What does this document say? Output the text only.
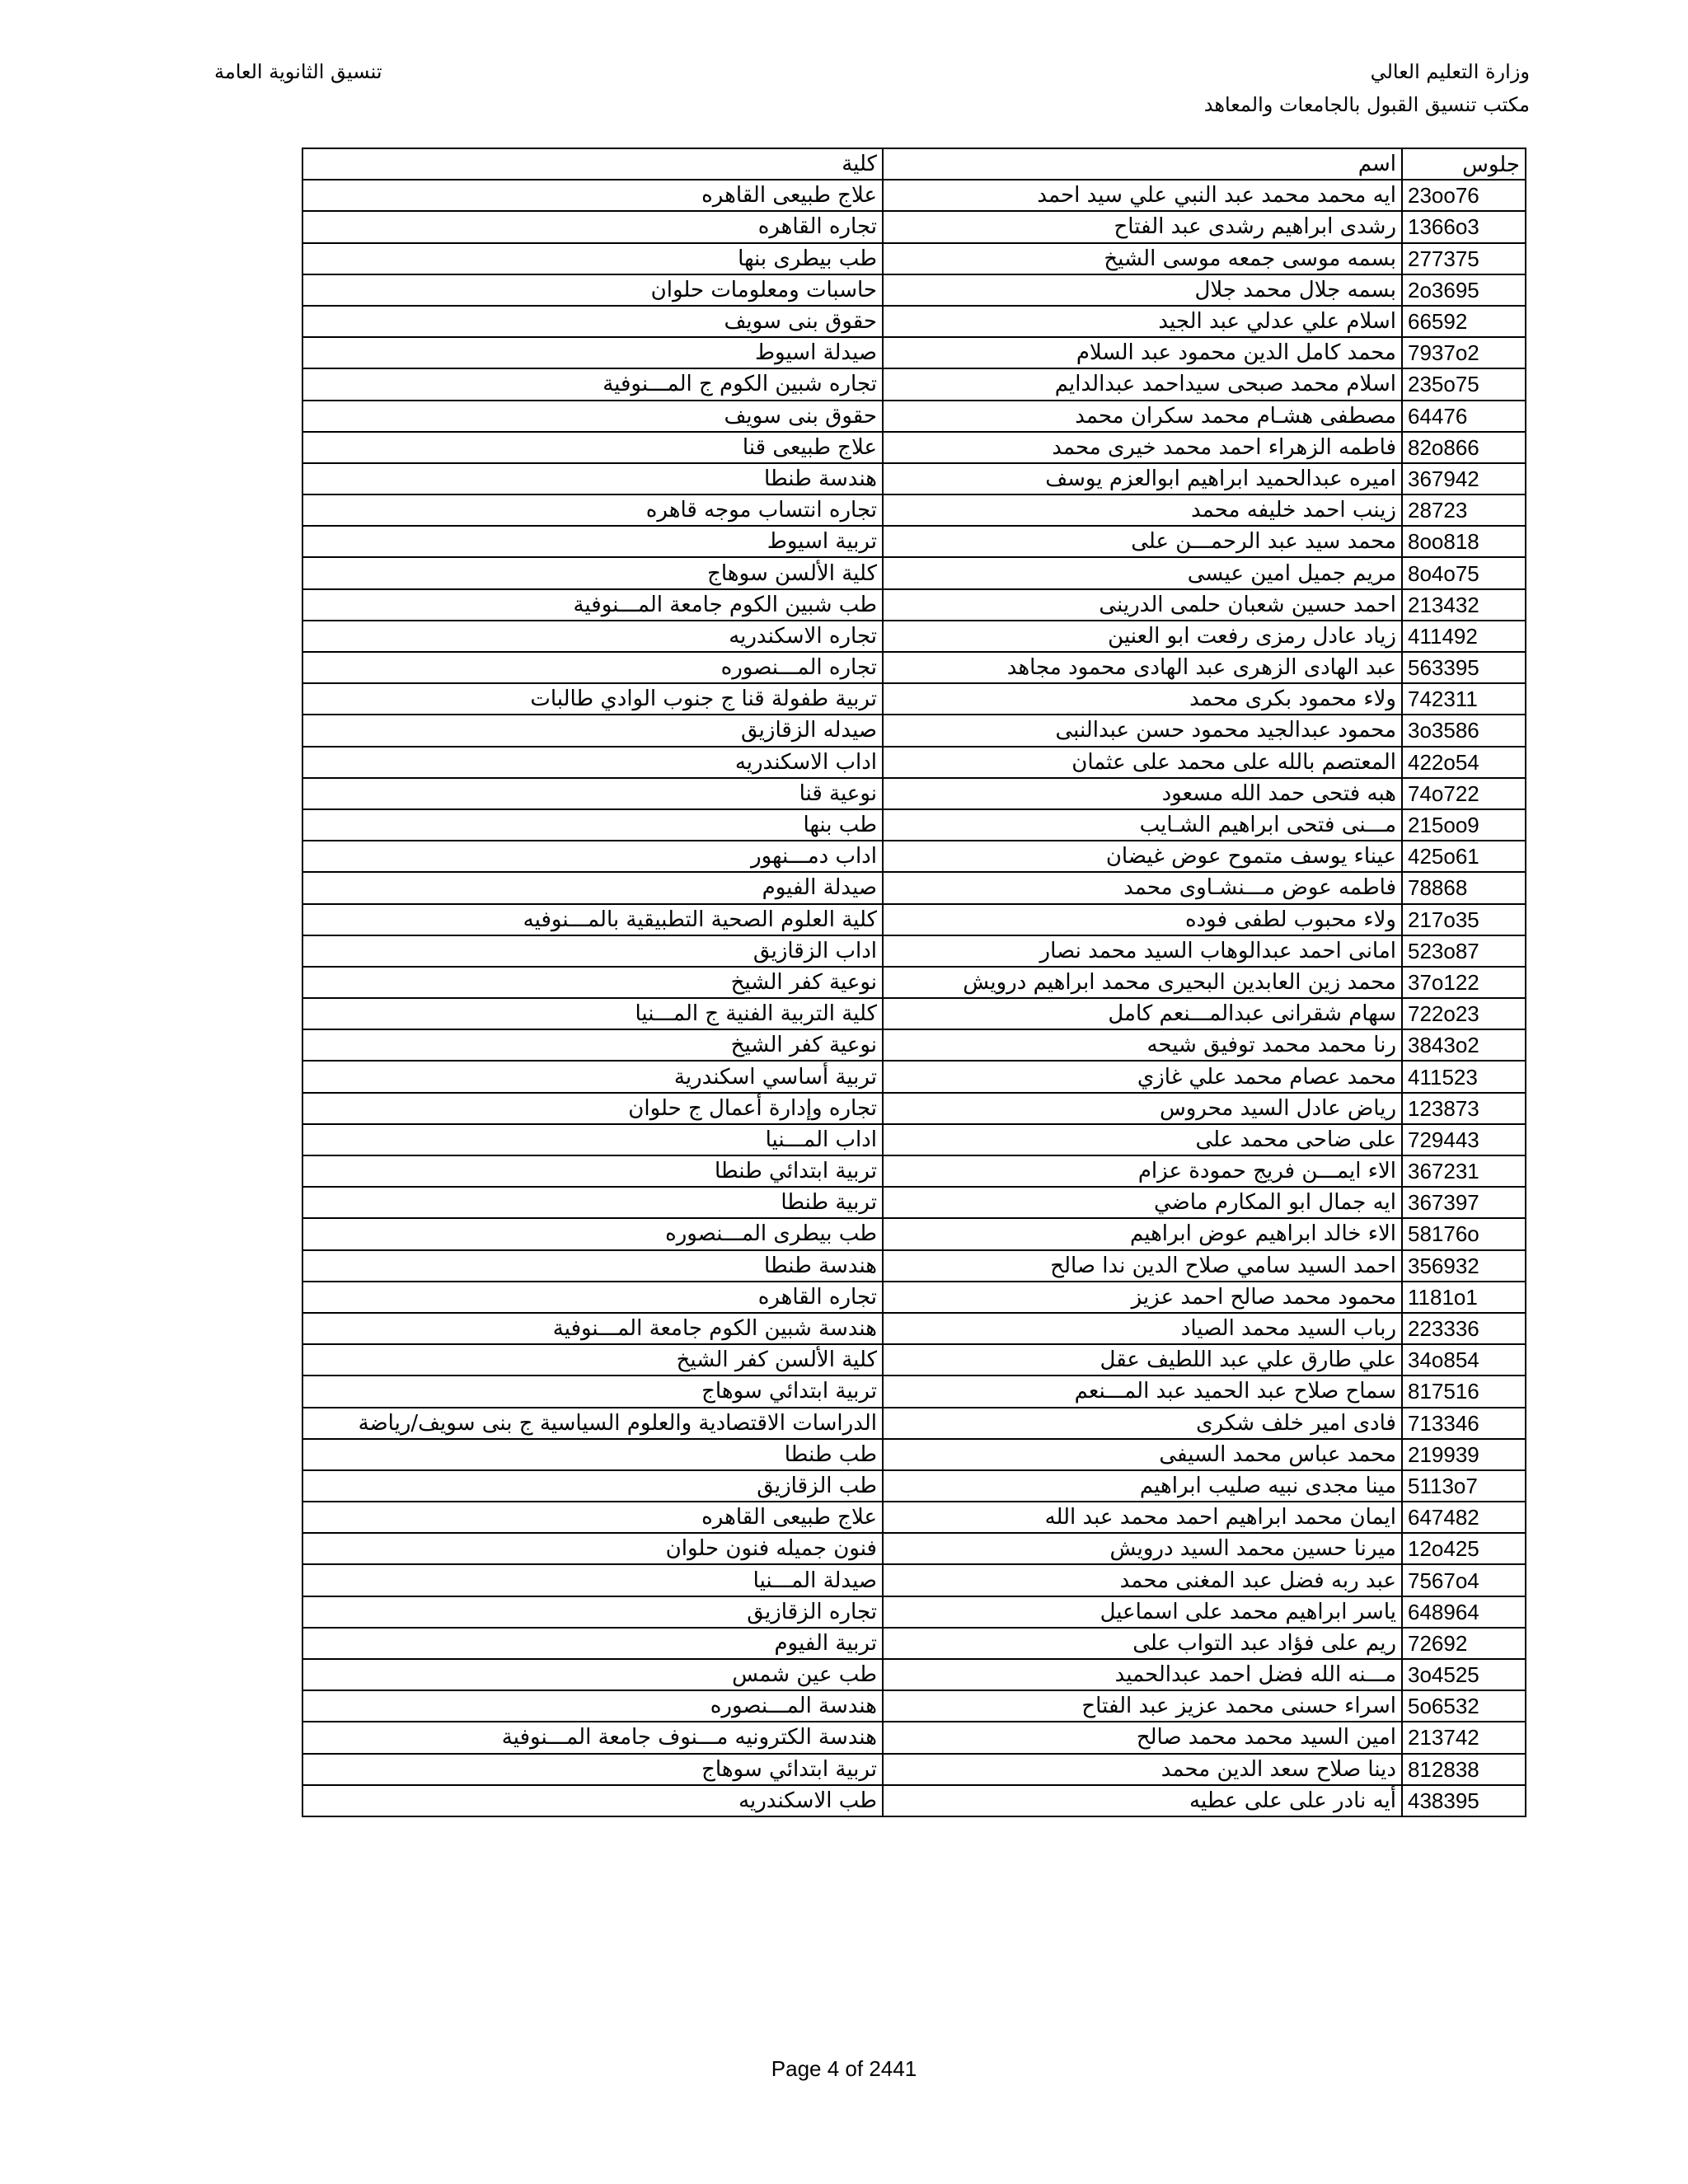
وزارة التعليم العالي
مكتب تنسيق القبول بالجامعات والمعاهد
تنسيق الثانوية العامة
جلوس	اسم	كلية
23oo76	ايه محمد محمد عبد النبي علي سيد احمد	علاج طبيعى القاهره
1366o3	رشدى ابراهيم رشدى عبد الفتاح	تجاره القاهره
277375	بسمه موسى جمعه موسى الشيخ	طب بيطرى بنها
2o3695	بسمه جلال محمد جلال	حاسبات ومعلومات حلوان
66592	اسلام علي عدلي عبد الجيد	حقوق بنى سويف
7937o2	محمد كامل الدين محمود عبد السلام	صيدلة اسيوط
235o75	اسلام محمد صبحى سيداحمد عبدالدايم	تجاره شبين الكوم ج المـــنوفية
64476	مصطفى هشـام محمد سكران محمد	حقوق بنى سويف
82o866	فاطمه الزهراء احمد محمد خيرى محمد	علاج طبيعى قنا
367942	اميره عبدالحميد ابراهيم ابوالعزم يوسف	هندسة طنطا
28723	زينب احمد خليفه محمد	تجاره انتساب موجه قاهره
8oo818	محمد سيد عبد الرحمـــن على	تربية اسيوط
8o4o75	مريم جميل امين عيسى	كلية الألسن سوهاج
213432	احمد حسين شعبان حلمى الدرينى	طب شبين الكوم جامعة المـــنوفية
411492	زياد عادل رمزى رفعت ابو العنين	تجاره الاسكندريه
563395	عبد الهادى الزهرى عبد الهادى محمود مجاهد	تجاره المـــنصوره
742311	ولاء محمود بكرى محمد	تربية طفولة قنا ج جنوب الوادي طالبات
3o3586	محمود عبدالجيد محمود حسن عبدالنبى	صيدله الزقازيق
422o54	المعتصم بالله على محمد على عثمان	اداب الاسكندريه
74o722	هبه فتحى حمد الله مسعود	نوعية قنا
215oo9	مـــنى فتحى ابراهيم الشـايب	طب بنها
425o61	عيناء يوسف متموح عوض غيضان	اداب دمـــنهور
78868	فاطمه عوض مـــنشـاوى محمد	صيدلة الفيوم
217o35	ولاء محبوب لطفى فوده	كلية العلوم الصحية التطبيقية بالمـــنوفيه
523o87	امانى احمد عبدالوهاب السيد محمد نصار	اداب الزقازيق
37o122	محمد زين العابدين البحيرى محمد ابراهيم درويش	نوعية كفر الشيخ
722o23	سهام شقرانى عبدالمـــنعم كامل	كلية التربية الفنية ج المـــنيا
3843o2	رنا محمد محمد توفيق شيحه	نوعية كفر الشيخ
411523	محمد عصام محمد علي غازي	تربية أساسي اسكندرية
123873	رياض عادل السيد محروس	تجاره وإدارة أعمال ج حلوان
729443	على ضاحى محمد على	اداب المـــنيا
367231	الاء ايمـــن فريج حمودة عزام	تربية ابتدائي طنطا
367397	ايه جمال ابو المكارم ماضي	تربية طنطا
58176o	الاء خالد ابراهيم عوض ابراهيم	طب بيطرى المـــنصوره
356932	احمد السيد سامي صلاح الدين ندا صالح	هندسة طنطا
1181o1	محمود محمد صالح احمد عزيز	تجاره القاهره
223336	رباب السيد محمد الصياد	هندسة شبين الكوم جامعة المـــنوفية
34o854	علي طارق علي عبد اللطيف عقل	كلية الألسن كفر الشيخ
817516	سماح صلاح عبد الحميد عبد المـــنعم	تربية ابتدائي سوهاج
713346	فادى امير خلف شكرى	الدراسات الاقتصادية والعلوم السياسية ج بنى سويف/رياضة
219939	محمد عباس محمد السيفى	طب طنطا
5113o7	مينا مجدى نبيه صليب ابراهيم	طب الزقازيق
647482	ايمان محمد ابراهيم احمد محمد عبد الله	علاج طبيعى القاهره
12o425	ميرنا حسين محمد السيد درويش	فنون جميله فنون حلوان
7567o4	عبد ربه فضل عبد المغنى محمد	صيدلة المـــنيا
648964	ياسر ابراهيم محمد على اسماعيل	تجاره الزقازيق
72692	ريم على فؤاد عبد التواب على	تربية الفيوم
3o4525	مـــنه الله فضل احمد عبدالحميد	طب عين شمس
5o6532	اسراء حسنى محمد عزيز عبد الفتاح	هندسة المـــنصوره
213742	امين السيد محمد محمد صالح	هندسة الكترونيه مـــنوف جامعة المـــنوفية
812838	دينا صلاح سعد الدين محمد	تربية ابتدائي سوهاج
438395	أيه نادر على على عطيه	طب الاسكندريه
Page 4 of 2441
